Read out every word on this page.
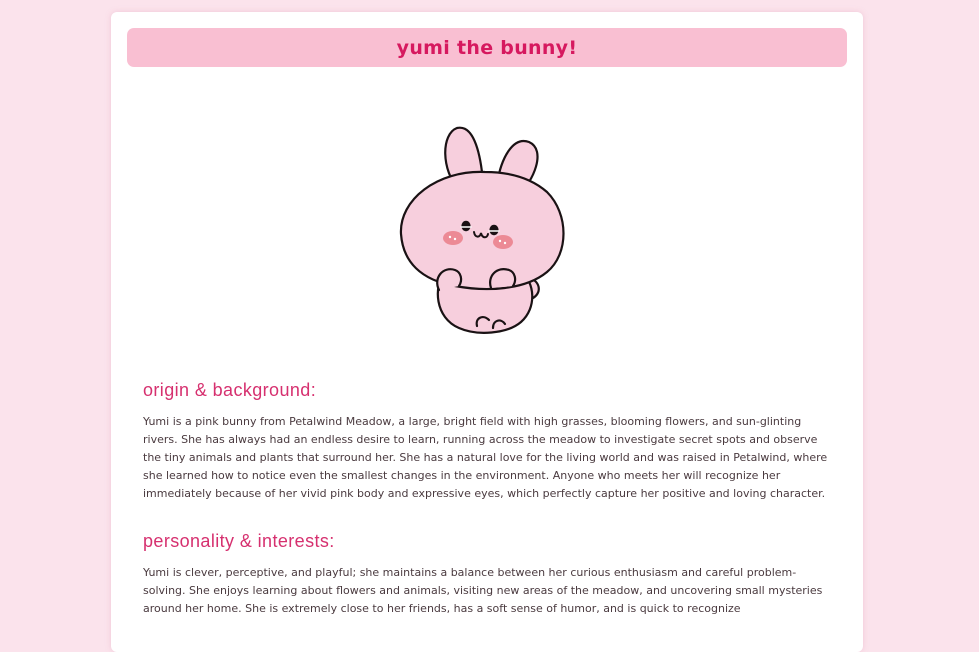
yumi the bunny!
origin & background:

Yumi is a pink bunny from Petalwind Meadow, a large, bright field with high grasses, blooming flowers, and sun-glinting rivers. She has always had an endless desire to learn, running across the meadow to investigate secret spots and observe the tiny animals and plants that surround her. She has a natural love for the living world and was raised in Petalwind, where she learned how to notice even the smallest changes in the environment. Anyone who meets her will recognize her immediately because of her vivid pink body and expressive eyes, which perfectly capture her positive and loving character.

personality & interests:

Yumi is clever, perceptive, and playful; she maintains a balance between her curious enthusiasm and careful problem-solving. She enjoys learning about flowers and animals, visiting new areas of the meadow, and uncovering small mysteries around her home. She is extremely close to her friends, has a soft sense of humor, and is quick to recognize
